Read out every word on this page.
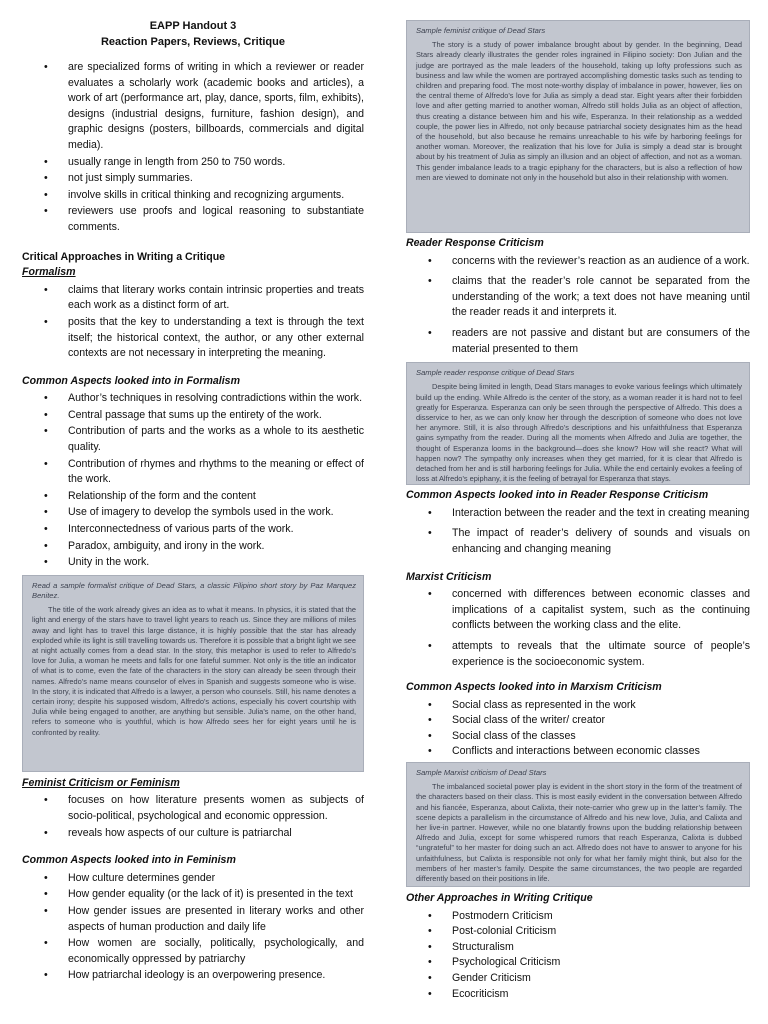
EAPP Handout 3
Reaction Papers, Reviews, Critique
• are specialized forms of writing in which a reviewer or reader evaluates a scholarly work (academic books and articles), a work of art (performance art, play, dance, sports, film, exhibits), designs (industrial designs, furniture, fashion design), and graphic designs (posters, billboards, commercials and digital media).
• usually range in length from 250 to 750 words.
• not just simply summaries.
• involve skills in critical thinking and recognizing arguments.
• reviewers use proofs and logical reasoning to substantiate comments.
Critical Approaches in Writing a Critique
Formalism
• claims that literary works contain intrinsic properties and treats each work as a distinct form of art.
• posits that the key to understanding a text is through the text itself; the historical context, the author, or any other external contexts are not necessary in interpreting the meaning.
Common Aspects looked into in Formalism
• Author’s techniques in resolving contradictions within the work.
• Central passage that sums up the entirety of the work.
• Contribution of parts and the works as a whole to its aesthetic quality.
• Contribution of rhymes and rhythms to the meaning or effect of the work.
• Relationship of the form and the content
• Use of imagery to develop the symbols used in the work.
• Interconnectedness of various parts of the work.
• Paradox, ambiguity, and irony in the work.
• Unity in the work.
Read a sample formalist critique of Dead Stars, a classic Filipino short story by Paz Marquez Benitez.

The title of the work already gives an idea as to what it means. In physics, it is stated that the light and energy of the stars have to travel light years to reach us. Since they are millions of miles away and light has to travel this large distance, it is highly possible that the star has already exploded while its light is still travelling towards us. Therefore it is possible that a bright light we see at night actually comes from a dead star. In the story, this metaphor is used to refer to Alfredo’s love for Julia, a woman he meets and falls for one fateful summer. Not only is the title an indicator of what is to come, even the fate of the characters in the story can already be seen through their names. Alfredo’s name means counselor of elves in Spanish and suggests someone who is wise. In the story, it is indicated that Alfredo is a lawyer, a person who counsels. Still, his name denotes a certain irony; despite his supposed wisdom, Alfredo’s actions, especially his covert courtship with Julia while being engaged to another, are anything but sensible. Julia’s name, on the other hand, refers to someone who is youthful, which is how Alfredo sees her for eight years until he is confronted by reality.

Feminist Criticism or Feminism
• focuses on how literature presents women as subjects of socio-political, psychological and economic oppression.
• reveals how aspects of our culture is patriarchal
Common Aspects looked into in Feminism
• How culture determines gender
• How gender equality (or the lack of it) is presented in the text
• How gender issues are presented in literary works and other aspects of human production and daily life
• How women are socially, politically, psychologically, and economically oppressed by patriarchy
• How patriarchal ideology is an overpowering presence.
Sample feminist critique of Dead Stars

The story is a study of power imbalance brought about by gender. In the beginning, Dead Stars already clearly illustrates the gender roles ingrained in Filipino society: Don Julian and the judge are portrayed as the male leaders of the household, taking up lofty professions such as business and law while the women are portrayed accomplishing domestic tasks such as tending to children and preparing food. The most note-worthy display of imbalance in power, however, lies on the central theme of Alfredo’s love for Julia as simply a dead star. Eight years after their forbidden love and after getting married to another woman, Alfredo still holds Julia as an object of affection, thus creating a distance between him and his wife, Esperanza. In their relationship as a wedded couple, the power lies in Alfredo, not only because patriarchal society designates him as the head of the household, but also because he remains unreachable to his wife by harboring feelings for another woman. Moreover, the realization that his love for Julia is simply a dead star is brought about by his treatment of Julia as simply an illusion and an object of affection, and not as a woman. This gender imbalance leads to a tragic epiphany for the characters, but is also a reflection of how men are viewed to dominate not only in the household but also in their relationship with women.

Reader Response Criticism
• concerns with the reviewer’s reaction as an audience of a work.
• claims that the reader’s role cannot be separated from the understanding of the work; a text does not have meaning until the reader reads it and interprets it.
• readers are not passive and distant but are consumers of the material presented to them
Sample reader response critique of Dead Stars

Despite being limited in length, Dead Stars manages to evoke various feelings which ultimately build up the ending. While Alfredo is the center of the story, as a woman reader it is hard not to feel greatly for Esperanza. Esperanza can only be seen through the perspective of Alfredo. This does a disservice to her, as we can only know her through the description of someone who does not love her anymore. Still, it is also through Alfredo’s descriptions and his unfaithfulness that Esperanza gains sympathy from the reader. During all the moments when Alfredo and Julia are together, the thought of Esperanza looms in the background—does she know? How will she react? What will happen now? The sympathy only increases when they get married, for it is clear that Alfredo is detached from her and is still harboring feelings for Julia. While the end certainly evokes a feeling of loss at Alfredo’s epiphany, it is the feeling of betrayal for Esperanza that stays.

Common Aspects looked into in Reader Response Criticism
• Interaction between the reader and the text in creating meaning
• The impact of reader’s delivery of sounds and visuals on enhancing and changing meaning
Marxist Criticism
• concerned with differences between economic classes and implications of a capitalist system, such as the continuing conflicts between the working class and the elite.
• attempts to reveals that the ultimate source of people’s experience is the socioeconomic system.
Common Aspects looked into in Marxism Criticism
• Social class as represented in the work
• Social class of the writer/ creator
• Social class of the classes
• Conflicts and interactions between economic classes
Sample Marxist criticism of Dead Stars

The imbalanced societal power play is evident in the short story in the form of the treatment of the characters based on their class. This is most easily evident in the conversation between Alfredo and his fiancée, Esperanza, about Calixta, their note-carrier who grew up in the latter’s family. The scene depicts a parallelism in the circumstance of Alfredo and his new love, Julia, and Calixta and her live-in partner. However, while no one blatantly frowns upon the budding relationship between Alfredo and Julia, except for some whispered rumors that reach Esperanza, Calixta is dubbed “ungrateful” to her master for doing such an act. Alfredo does not have to answer to anyone for his unfaithfulness, but Calixta is responsible not only for what her family might think, but also for the members of her master’s family. Despite the same circumstances, the two people are regarded differently based on their positions in life.

Other Approaches in Writing Critique
• Postmodern Criticism
• Post-colonial Criticism
• Structuralism
• Psychological Criticism
• Gender Criticism
• Ecocriticism
